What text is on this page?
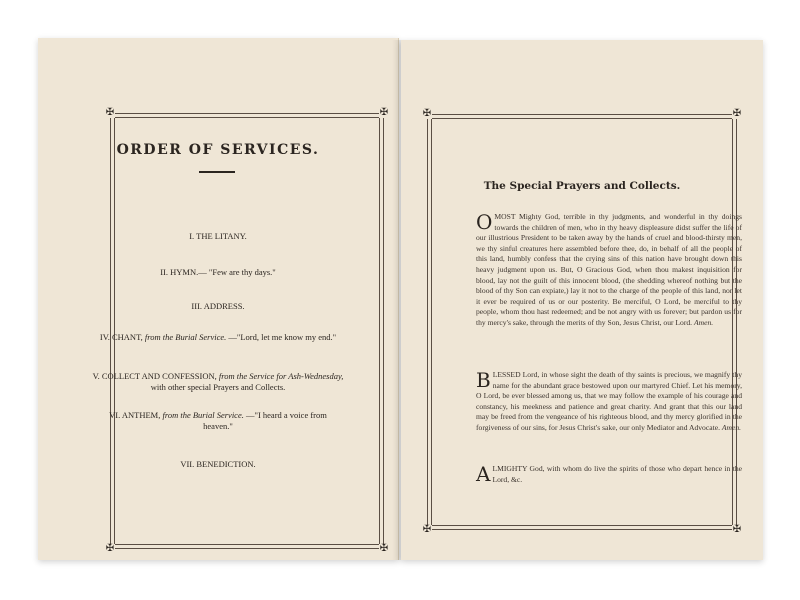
✠	✠
✠	✠
ORDER OF SERVICES.
I. THE LITANY.
II. HYMN.— "Few are thy days."
III. ADDRESS.
IV. CHANT, from the Burial Service. —"Lord, let me know my end."
V. COLLECT AND CONFESSION, from the Service for Ash-Wednesday, with other special Prayers and Collects.
VI. ANTHEM, from the Burial Service. —"I heard a voice from heaven."
VII. BENEDICTION.
✠	✠
✠	✠
The Special Prayers and Collects.
O MOST Mighty God, terrible in thy judgments, and wonderful in thy doings towards the children of men, who in thy heavy displeasure didst suffer the life of our illustrious President to be taken away by the hands of cruel and blood-thirsty men, we thy sinful creatures here assembled before thee, do, in behalf of all the people of this land, humbly confess that the crying sins of this nation have brought down this heavy judgment upon us. But, O Gracious God, when thou makest inquisition for blood, lay not the guilt of this innocent blood, (the shedding whereof nothing but the blood of thy Son can expiate,) lay it not to the charge of the people of this land, nor let it ever be required of us or our posterity. Be merciful, O Lord, be merciful to thy people, whom thou hast redeemed; and be not angry with us forever; but pardon us for thy mercy's sake, through the merits of thy Son, Jesus Christ, our Lord. Amen.
BLESSED Lord, in whose sight the death of thy saints is precious, we magnify thy name for the abundant grace bestowed upon our martyred Chief. Let his memory, O Lord, be ever blessed among us, that we may follow the example of his courage and constancy, his meekness and patience and great charity. And grant that this our land may be freed from the vengeance of his righteous blood, and thy mercy glorified in the forgiveness of our sins, for Jesus Christ's sake, our only Mediator and Advocate. Amen.
ALMIGHTY God, with whom do live the spirits of those who depart hence in the Lord, &c.
